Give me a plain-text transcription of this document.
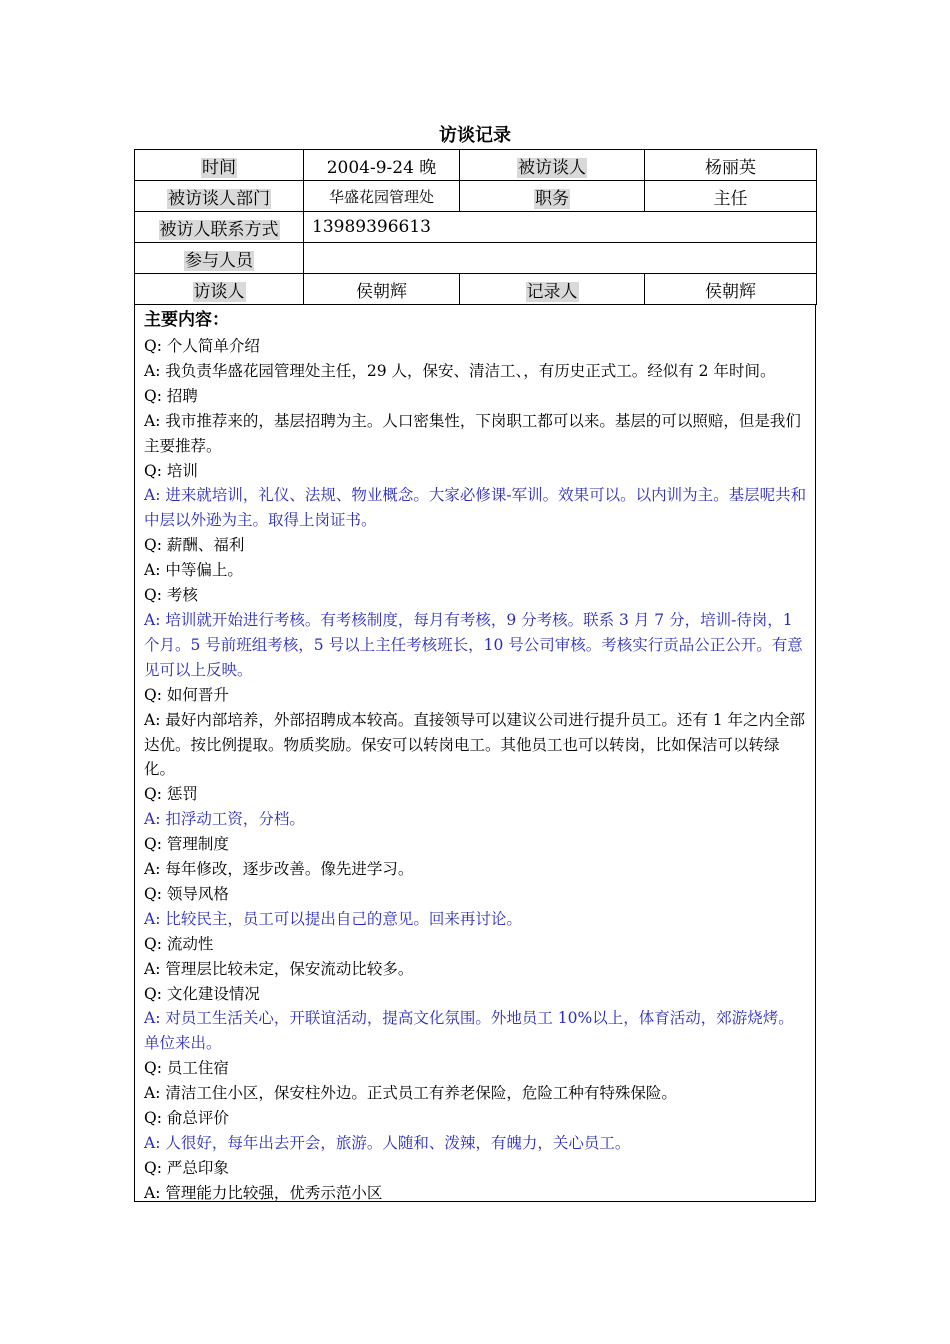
访谈记录
时间	2004-9-24 晚	被访谈人	杨丽英
被访谈人部门	华盛花园管理处	职务	主任
被访人联系方式	13989396613		
参与人员			
访谈人	侯朝辉	记录人	侯朝辉
主要内容：

Q: 个人简单介绍

A: 我负责华盛花园管理处主任，29 人，保安、清洁工、，有历史正式工。经似有 2 年时间。

Q: 招聘

A: 我市推荐来的，基层招聘为主。人口密集性，下岗职工都可以来。基层的可以照赔，但是我们主要推荐。

Q: 培训

A: 进来就培训，礼仪、法规、物业概念。大家必修课-军训。效果可以。以内训为主。基层呢共和中层以外逊为主。取得上岗证书。

Q: 薪酬、福利

A: 中等偏上。

Q: 考核

A: 培训就开始进行考核。有考核制度，每月有考核，9 分考核。联系 3 月 7 分，培训-待岗，1 个月。5 号前班组考核，5 号以上主任考核班长，10 号公司审核。考核实行贡品公正公开。有意见可以上反映。

Q: 如何晋升

A: 最好内部培养，外部招聘成本较高。直接领导可以建议公司进行提升员工。还有 1 年之内全部达优。按比例提取。物质奖励。保安可以转岗电工。其他员工也可以转岗，比如保洁可以转绿化。

Q: 惩罚

A: 扣浮动工资，分档。

Q: 管理制度

A: 每年修改，逐步改善。像先进学习。

Q: 领导风格

A: 比较民主，员工可以提出自己的意见。回来再讨论。

Q: 流动性

A: 管理层比较未定，保安流动比较多。

Q: 文化建设情况

A: 对员工生活关心，开联谊活动，提高文化氛围。外地员工 10%以上，体育活动，郊游烧烤。单位来出。

Q: 员工住宿

A: 清洁工住小区，保安柱外边。正式员工有养老保险，危险工种有特殊保险。

Q: 俞总评价

A: 人很好，每年出去开会，旅游。人随和、泼辣，有魄力，关心员工。

Q: 严总印象

A: 管理能力比较强，优秀示范小区
